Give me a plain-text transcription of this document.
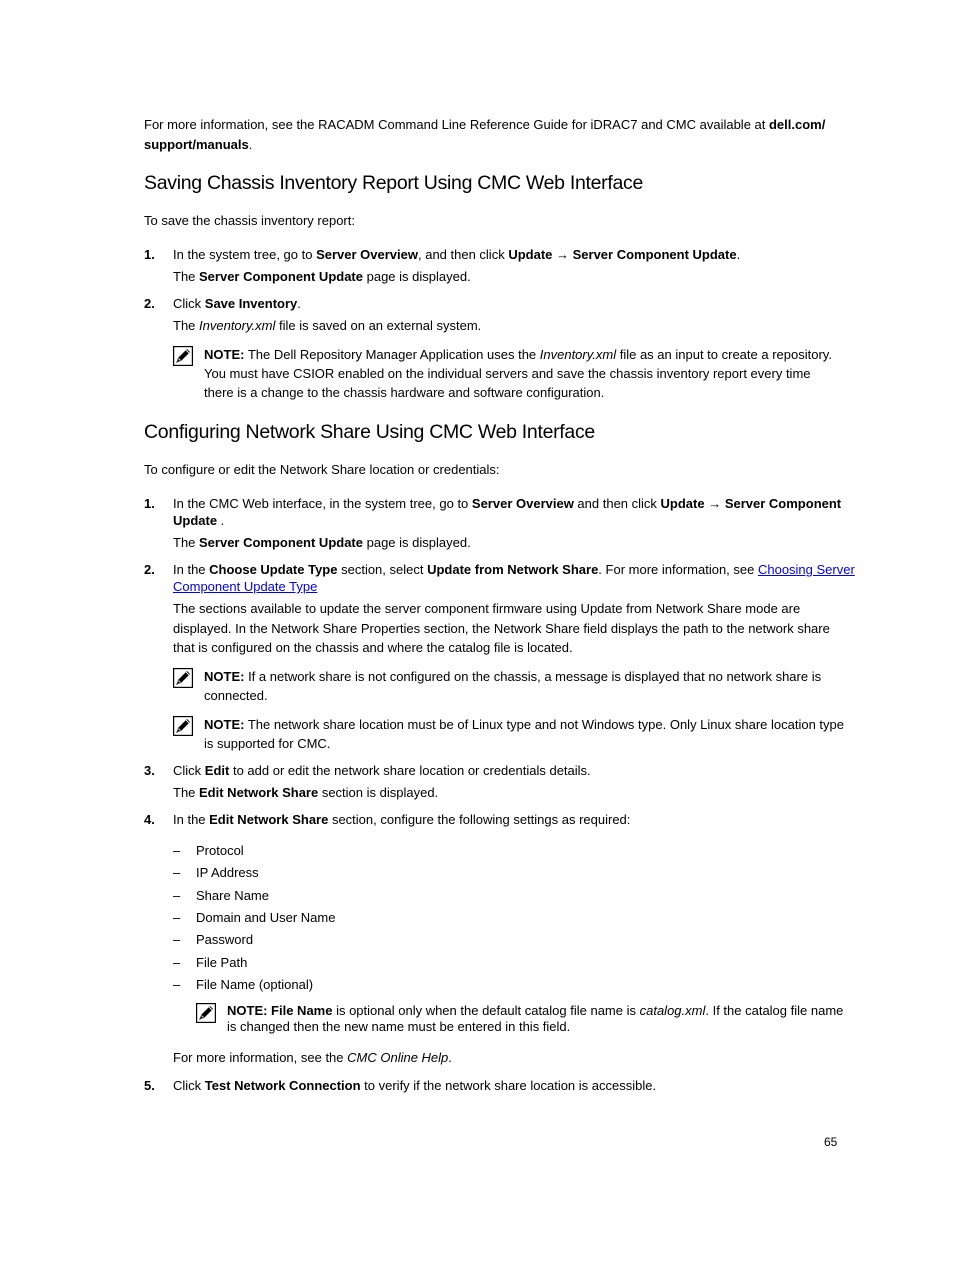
For more information, see the RACADM Command Line Reference Guide for iDRAC7 and CMC available at dell.com/
support/manuals.
Saving Chassis Inventory Report Using CMC Web Interface
To save the chassis inventory report:
1. In the system tree, go to Server Overview, and then click Update → Server Component Update.
The Server Component Update page is displayed.
2. Click Save Inventory.
The Inventory.xml file is saved on an external system.
NOTE: The Dell Repository Manager Application uses the Inventory.xml file as an input to create a repository.
You must have CSIOR enabled on the individual servers and save the chassis inventory report every time
there is a change to the chassis hardware and software configuration.
Configuring Network Share Using CMC Web Interface
To configure or edit the Network Share location or credentials:
1. In the CMC Web interface, in the system tree, go to Server Overview and then click Update → Server Component
Update .
The Server Component Update page is displayed.
2. In the Choose Update Type section, select Update from Network Share. For more information, see Choosing Server
Component Update Type
The sections available to update the server component firmware using Update from Network Share mode are
displayed. In the Network Share Properties section, the Network Share field displays the path to the network share
that is configured on the chassis and where the catalog file is located.
NOTE: If a network share is not configured on the chassis, a message is displayed that no network share is
connected.
NOTE: The network share location must be of Linux type and not Windows type. Only Linux share location type
is supported for CMC.
3. Click Edit to add or edit the network share location or credentials details.
The Edit Network Share section is displayed.
4. In the Edit Network Share section, configure the following settings as required:
– Protocol
– IP Address
– Share Name
– Domain and User Name
– Password
– File Path
– File Name (optional)
NOTE: File Name is optional only when the default catalog file name is catalog.xml. If the catalog file name
is changed then the new name must be entered in this field.
For more information, see the CMC Online Help.
5. Click Test Network Connection to verify if the network share location is accessible.
65
